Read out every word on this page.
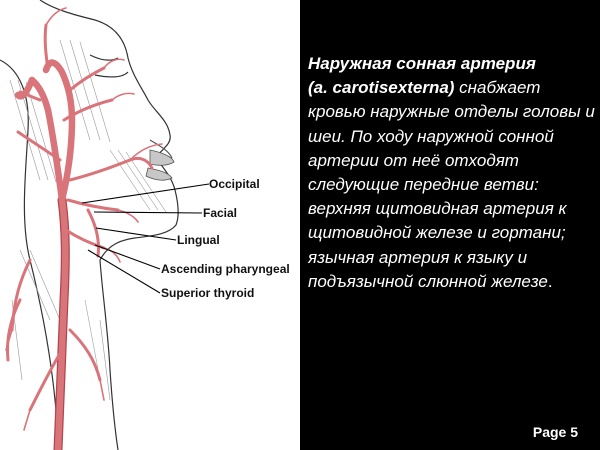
Occipital
Facial
Lingual
Ascending pharyngeal
Superior thyroid
Наружная сонная артерия
(a. carotisexterna) снабжает кровью наружные отделы головы и шеи. По ходу наружной сонной артерии от неё отходят следующие передние ветви: верхняя щитовидная артерия к щитовидной железе и гортани; язычная артерия к языку и подъязычной слюнной железе.
Page 5
